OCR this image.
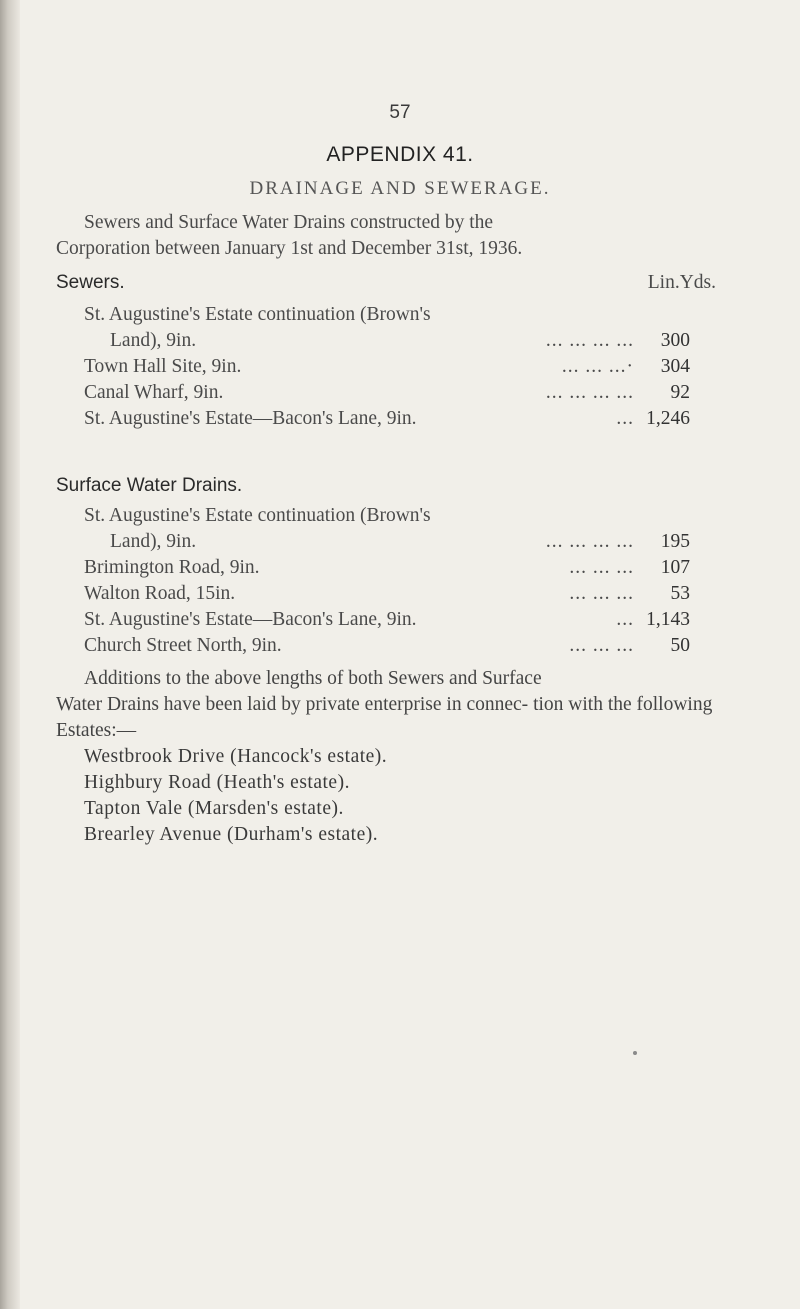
57
APPENDIX 41.
DRAINAGE AND SEWERAGE.
Sewers and Surface Water Drains constructed by the
Corporation between January 1st and December 31st, 1936.
Sewers.	Lin.Yds.
St. Augustine's Estate continuation (Brown's
Land), 9in.	... ... ... ...	300
Town Hall Site, 9in.	... ... ...·	304
Canal Wharf, 9in.	... ... ... ...	92
St. Augustine's Estate—Bacon's Lane, 9in.	... 1,246
Surface Water Drains.
St. Augustine's Estate continuation (Brown's
Land), 9in.	... ... ... ...	195
Brimington Road, 9in.	... ... ...	107
Walton Road, 15in.	... ... ...	53
St. Augustine's Estate—Bacon's Lane, 9in.	... 1,143
Church Street North, 9in.	... ... ...	50
Additions to the above lengths of both Sewers and Surface
Water Drains have been laid by private enterprise in connec- tion with the following Estates:—
Westbrook Drive (Hancock's estate).
Highbury Road (Heath's estate).
Tapton Vale (Marsden's estate).
Brearley Avenue (Durham's estate).
